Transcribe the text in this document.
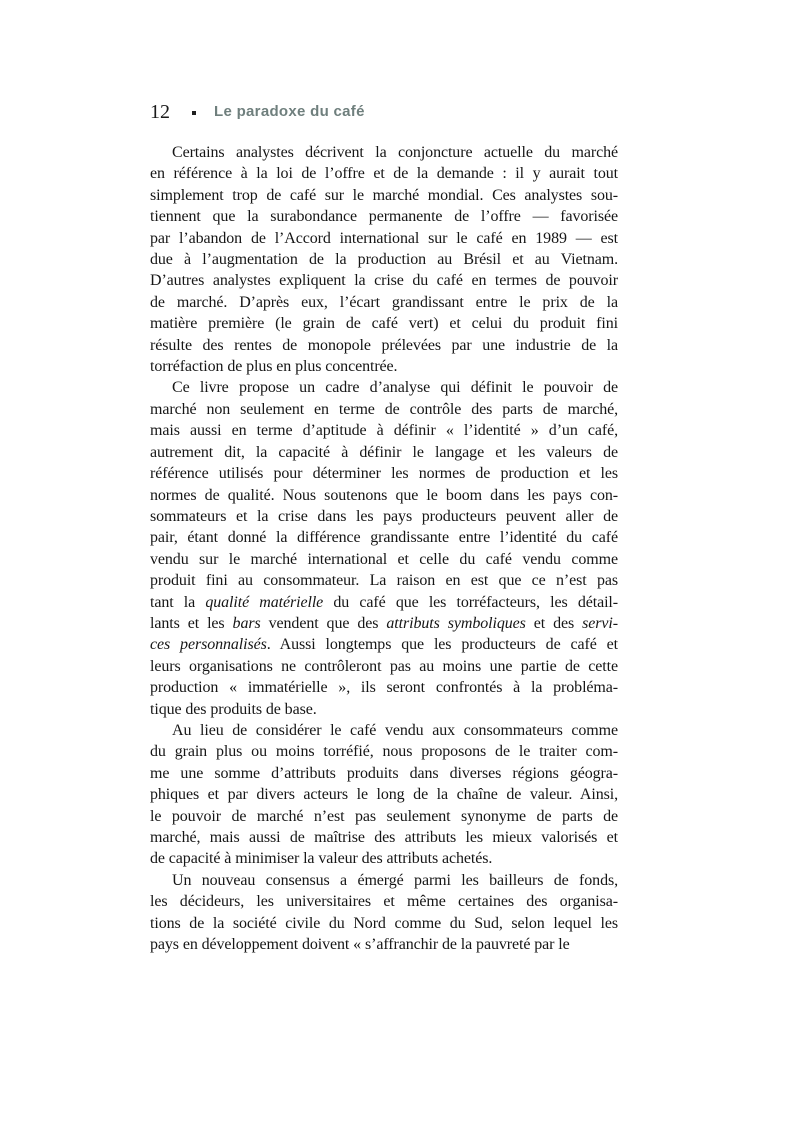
12	Le paradoxe du café

Certains analystes décrivent la conjoncture actuelle du marché
en référence à la loi de l’offre et de la demande : il y aurait tout
simplement trop de café sur le marché mondial. Ces analystes sou-
tiennent que la surabondance permanente de l’offre — favorisée
par l’abandon de l’Accord international sur le café en 1989 — est
due à l’augmentation de la production au Brésil et au Vietnam.
D’autres analystes expliquent la crise du café en termes de pouvoir
de marché. D’après eux, l’écart grandissant entre le prix de la
matière première (le grain de café vert) et celui du produit fini
résulte des rentes de monopole prélevées par une industrie de la
torréfaction de plus en plus concentrée.

Ce livre propose un cadre d’analyse qui définit le pouvoir de
marché non seulement en terme de contrôle des parts de marché,
mais aussi en terme d’aptitude à définir « l’identité » d’un café,
autrement dit, la capacité à définir le langage et les valeurs de
référence utilisés pour déterminer les normes de production et les
normes de qualité. Nous soutenons que le boom dans les pays con-
sommateurs et la crise dans les pays producteurs peuvent aller de
pair, étant donné la différence grandissante entre l’identité du café
vendu sur le marché international et celle du café vendu comme
produit fini au consommateur. La raison en est que ce n’est pas
tant la qualité matérielle du café que les torréfacteurs, les détail-
lants et les bars vendent que des attributs symboliques et des servi-
ces personnalisés. Aussi longtemps que les producteurs de café et
leurs organisations ne contrôleront pas au moins une partie de cette
production « immatérielle », ils seront confrontés à la probléma-
tique des produits de base.

Au lieu de considérer le café vendu aux consommateurs comme
du grain plus ou moins torréfié, nous proposons de le traiter com-
me une somme d’attributs produits dans diverses régions géogra-
phiques et par divers acteurs le long de la chaîne de valeur. Ainsi,
le pouvoir de marché n’est pas seulement synonyme de parts de
marché, mais aussi de maîtrise des attributs les mieux valorisés et
de capacité à minimiser la valeur des attributs achetés.

Un nouveau consensus a émergé parmi les bailleurs de fonds,
les décideurs, les universitaires et même certaines des organisa-
tions de la société civile du Nord comme du Sud, selon lequel les
pays en développement doivent « s’affranchir de la pauvreté par le
